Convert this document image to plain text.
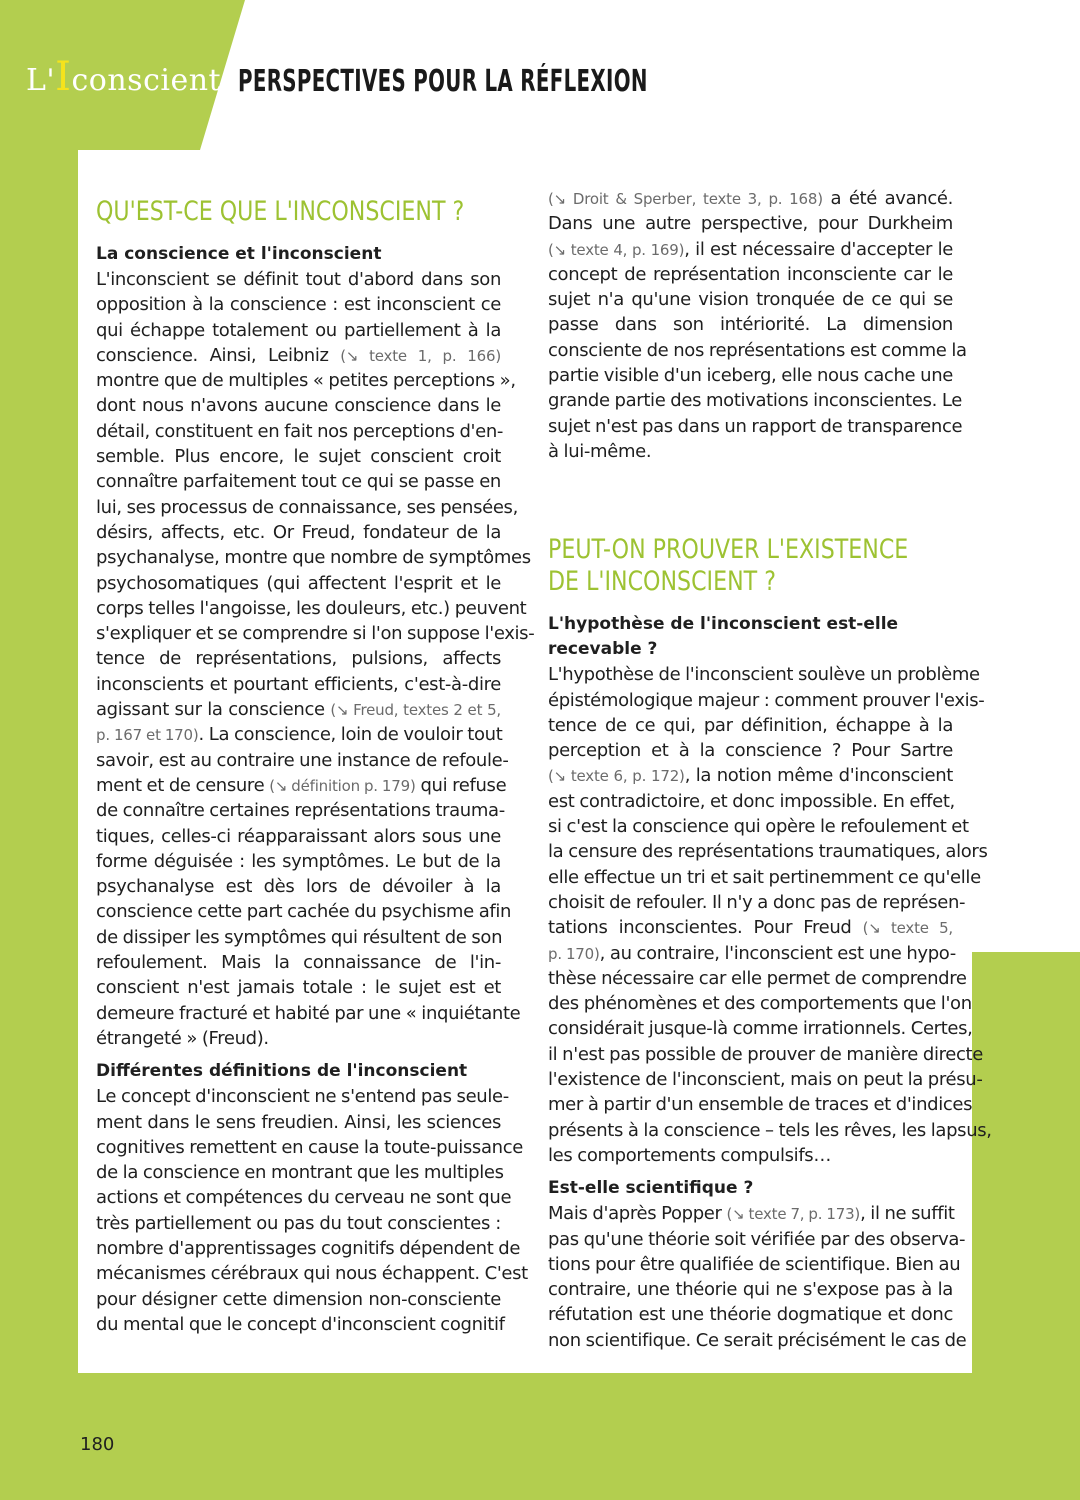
L'Iconscient PERSPECTIVES POUR LA RÉFLEXION
QU'EST-CE QUE L'INCONSCIENT ?
La conscience et l'inconscient
L'inconscient se définit tout d'abord dans son
opposition à la conscience : est inconscient ce
qui échappe totalement ou partiellement à la
conscience. Ainsi, Leibniz (↘ texte 1, p. 166)
montre que de multiples « petites perceptions »,
dont nous n'avons aucune conscience dans le
détail, constituent en fait nos perceptions d'en-
semble. Plus encore, le sujet conscient croit
connaître parfaitement tout ce qui se passe en
lui, ses processus de connaissance, ses pensées,
désirs, affects, etc. Or Freud, fondateur de la
psychanalyse, montre que nombre de symptômes
psychosomatiques (qui affectent l'esprit et le
corps telles l'angoisse, les douleurs, etc.) peuvent
s'expliquer et se comprendre si l'on suppose l'exis-
tence de représentations, pulsions, affects
inconscients et pourtant efficients, c'est-à-dire
agissant sur la conscience (↘ Freud, textes 2 et 5,
p. 167 et 170). La conscience, loin de vouloir tout
savoir, est au contraire une instance de refoule-
ment et de censure (↘ définition p. 179) qui refuse
de connaître certaines représentations trauma-
tiques, celles-ci réapparaissant alors sous une
forme déguisée : les symptômes. Le but de la
psychanalyse est dès lors de dévoiler à la
conscience cette part cachée du psychisme afin
de dissiper les symptômes qui résultent de son
refoulement. Mais la connaissance de l'in-
conscient n'est jamais totale : le sujet est et
demeure fracturé et habité par une « inquiétante
étrangeté » (Freud).
Différentes définitions de l'inconscient
Le concept d'inconscient ne s'entend pas seule-
ment dans le sens freudien. Ainsi, les sciences
cognitives remettent en cause la toute-puissance
de la conscience en montrant que les multiples
actions et compétences du cerveau ne sont que
très partiellement ou pas du tout conscientes :
nombre d'apprentissages cognitifs dépendent de
mécanismes cérébraux qui nous échappent. C'est
pour désigner cette dimension non-consciente
du mental que le concept d'inconscient cognitif
(↘ Droit & Sperber, texte 3, p. 168) a été avancé.
Dans une autre perspective, pour Durkheim
(↘ texte 4, p. 169), il est nécessaire d'accepter le
concept de représentation inconsciente car le
sujet n'a qu'une vision tronquée de ce qui se
passe dans son intériorité. La dimension
consciente de nos représentations est comme la
partie visible d'un iceberg, elle nous cache une
grande partie des motivations inconscientes. Le
sujet n'est pas dans un rapport de transparence
à lui-même.
PEUT-ON PROUVER L'EXISTENCE
DE L'INCONSCIENT ?
L'hypothèse de l'inconscient est-elle
recevable ?
L'hypothèse de l'inconscient soulève un problème
épistémologique majeur : comment prouver l'exis-
tence de ce qui, par définition, échappe à la
perception et à la conscience ? Pour Sartre
(↘ texte 6, p. 172), la notion même d'inconscient
est contradictoire, et donc impossible. En effet,
si c'est la conscience qui opère le refoulement et
la censure des représentations traumatiques, alors
elle effectue un tri et sait pertinemment ce qu'elle
choisit de refouler. Il n'y a donc pas de représen-
tations inconscientes. Pour Freud (↘ texte 5,
p. 170), au contraire, l'inconscient est une hypo-
thèse nécessaire car elle permet de comprendre
des phénomènes et des comportements que l'on
considérait jusque-là comme irrationnels. Certes,
il n'est pas possible de prouver de manière directe
l'existence de l'inconscient, mais on peut la présu-
mer à partir d'un ensemble de traces et d'indices
présents à la conscience – tels les rêves, les lapsus,
les comportements compulsifs…
Est-elle scientifique ?
Mais d'après Popper (↘ texte 7, p. 173), il ne suffit
pas qu'une théorie soit vérifiée par des observa-
tions pour être qualifiée de scientifique. Bien au
contraire, une théorie qui ne s'expose pas à la
réfutation est une théorie dogmatique et donc
non scientifique. Ce serait précisément le cas de
180
